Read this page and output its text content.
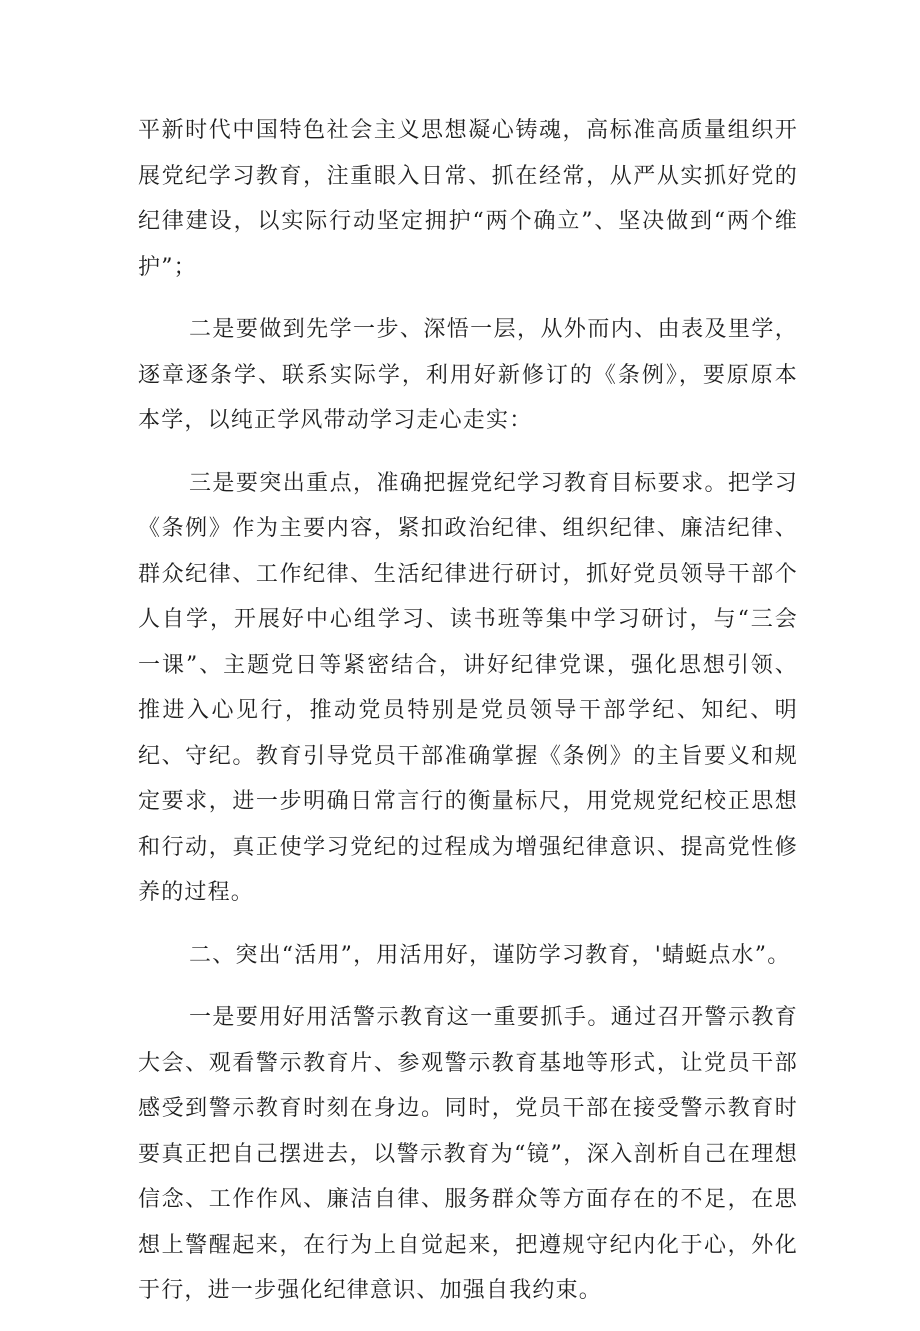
平新时代中国特色社会主义思想凝心铸魂，高标准高质量组织开展党纪学习教育，注重眼入日常、抓在经常，从严从实抓好党的纪律建设，以实际行动坚定拥护“两个确立”、坚决做到“两个维护”；

二是要做到先学一步、深悟一层，从外而内、由表及里学，逐章逐条学、联系实际学，利用好新修订的《条例》，要原原本本学，以纯正学风带动学习走心走实：

三是要突出重点，准确把握党纪学习教育目标要求。把学习《条例》作为主要内容，紧扣政治纪律、组织纪律、廉洁纪律、群众纪律、工作纪律、生活纪律进行研讨，抓好党员领导干部个人自学，开展好中心组学习、读书班等集中学习研讨，与“三会一课”、主题党日等紧密结合，讲好纪律党课，强化思想引领、推进入心见行，推动党员特别是党员领导干部学纪、知纪、明纪、守纪。教育引导党员干部准确掌握《条例》的主旨要义和规定要求，进一步明确日常言行的衡量标尺，用党规党纪校正思想和行动，真正使学习党纪的过程成为增强纪律意识、提高党性修养的过程。

二、突出“活用”，用活用好，谨防学习教育，'蜻蜓点水”。

一是要用好用活警示教育这一重要抓手。通过召开警示教育大会、观看警示教育片、参观警示教育基地等形式，让党员干部感受到警示教育时刻在身边。同时，党员干部在接受警示教育时要真正把自己摆进去，以警示教育为“镜”，深入剖析自己在理想信念、工作作风、廉洁自律、服务群众等方面存在的不足，在思想上警醒起来，在行为上自觉起来，把遵规守纪内化于心，外化于行，进一步强化纪律意识、加强自我约束。
